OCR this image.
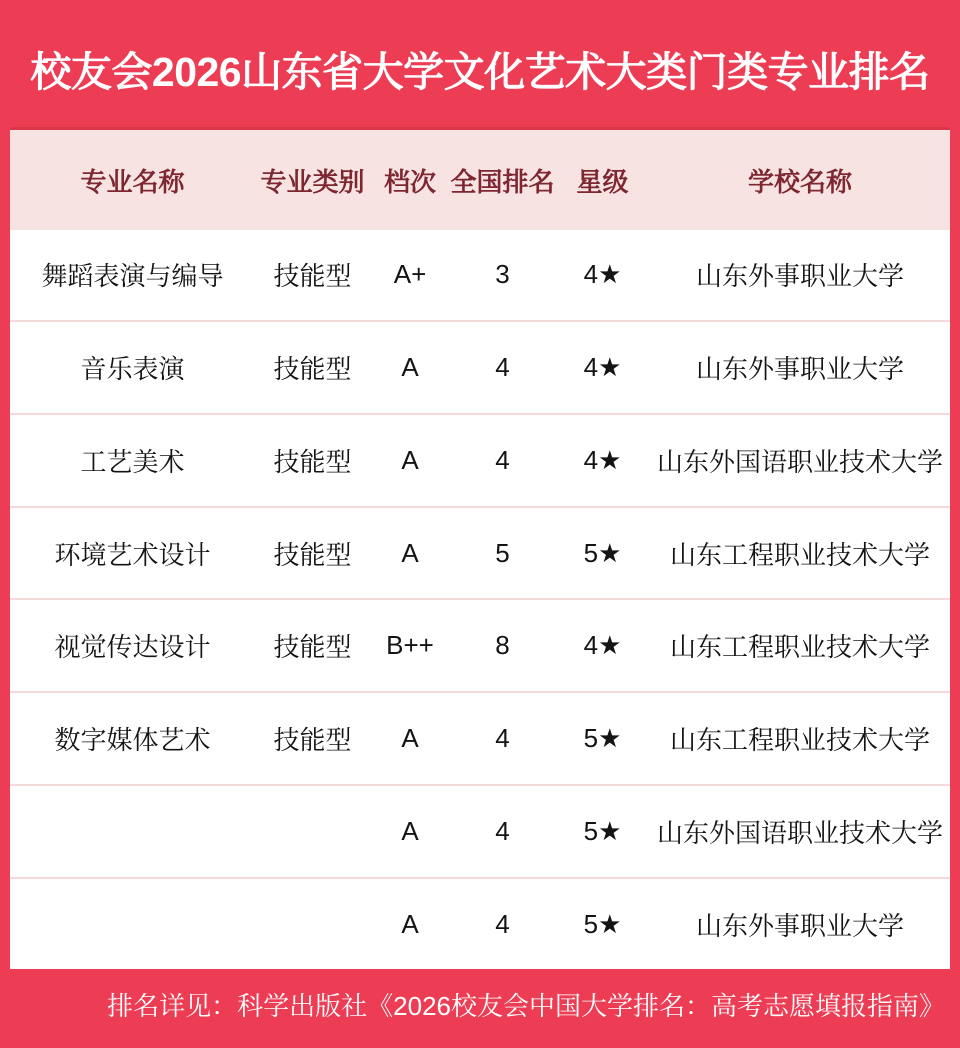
校友会2026山东省大学文化艺术大类门类专业排名
专业名称	专业类别	档次	全国排名	星级	学校名称
舞蹈表演与编导	技能型	A+	3	4★	山东外事职业大学
音乐表演	技能型	A	4	4★	山东外事职业大学
工艺美术	技能型	A	4	4★	山东外国语职业技术大学
环境艺术设计	技能型	A	5	5★	山东工程职业技术大学
视觉传达设计	技能型	B++	8	4★	山东工程职业技术大学
数字媒体艺术	技能型	A	4	5★	山东工程职业技术大学
		A	4	5★	山东外国语职业技术大学
		A	4	5★	山东外事职业大学
排名详见：科学出版社《2026校友会中国大学排名：高考志愿填报指南》
